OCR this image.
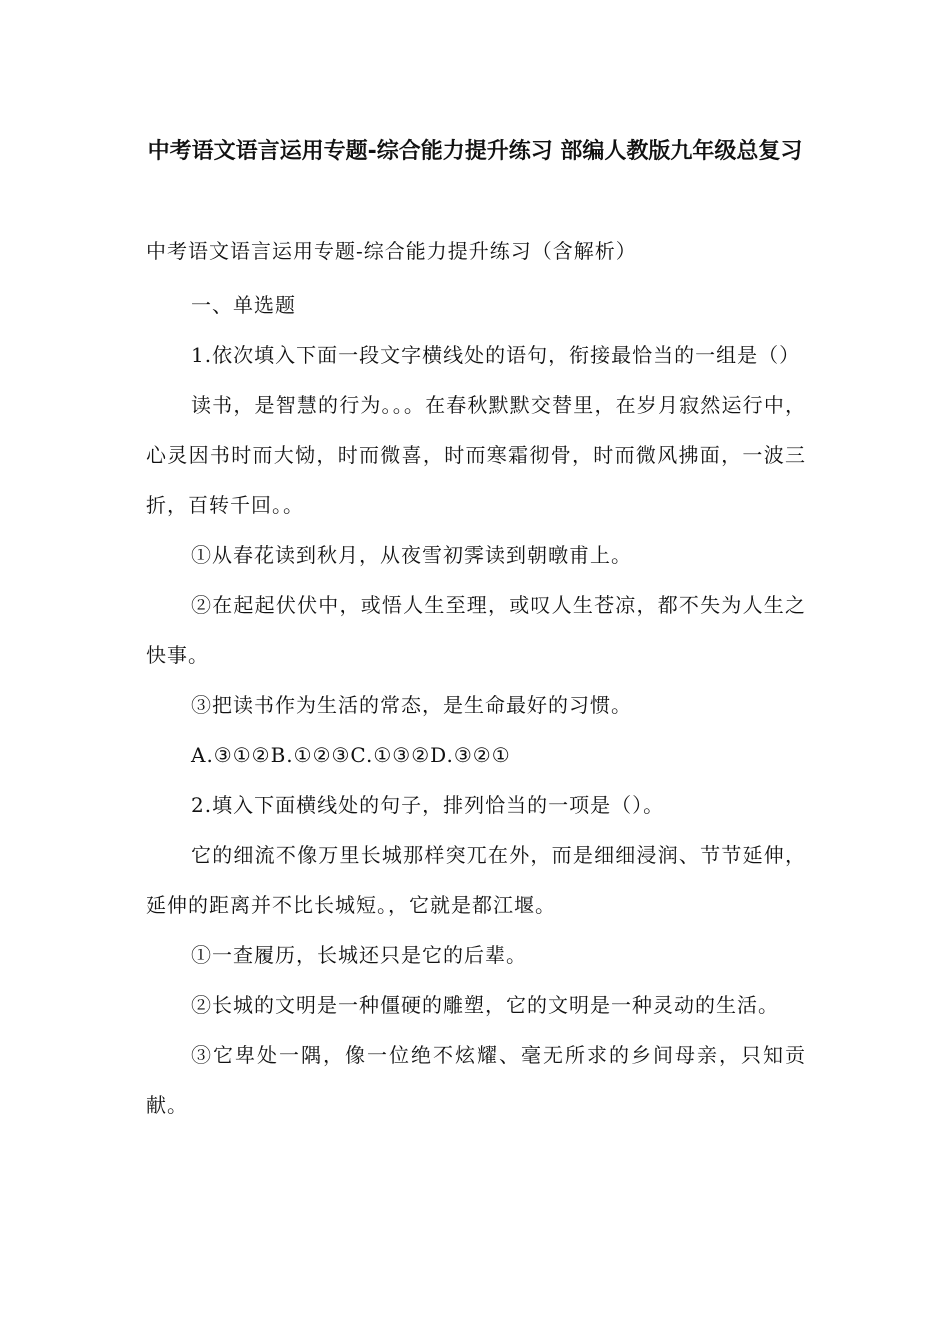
中考语文语言运用专题-综合能力提升练习 部编人教版九年级总复习

中考语文语言运用专题-综合能力提升练习（含解析）

一、单选题

1.依次填入下面一段文字横线处的语句，衔接最恰当的一组是（）

读书，是智慧的行为。。。在春秋默默交替里，在岁月寂然运行中，心灵因书时而大恸，时而微喜，时而寒霜彻骨，时而微风拂面，一波三折，百转千回。。

①从春花读到秋月，从夜雪初霁读到朝暾甫上。

②在起起伏伏中，或悟人生至理，或叹人生苍凉，都不失为人生之快事。

③把读书作为生活的常态，是生命最好的习惯。

A.③①②B.①②③C.①③②D.③②①

2.填入下面横线处的句子，排列恰当的一项是（）。

它的细流不像万里长城那样突兀在外，而是细细浸润、节节延伸，延伸的距离并不比长城短。，它就是都江堰。

①一查履历，长城还只是它的后辈。

②长城的文明是一种僵硬的雕塑，它的文明是一种灵动的生活。

③它卑处一隅，像一位绝不炫耀、毫无所求的乡间母亲，只知贡献。
